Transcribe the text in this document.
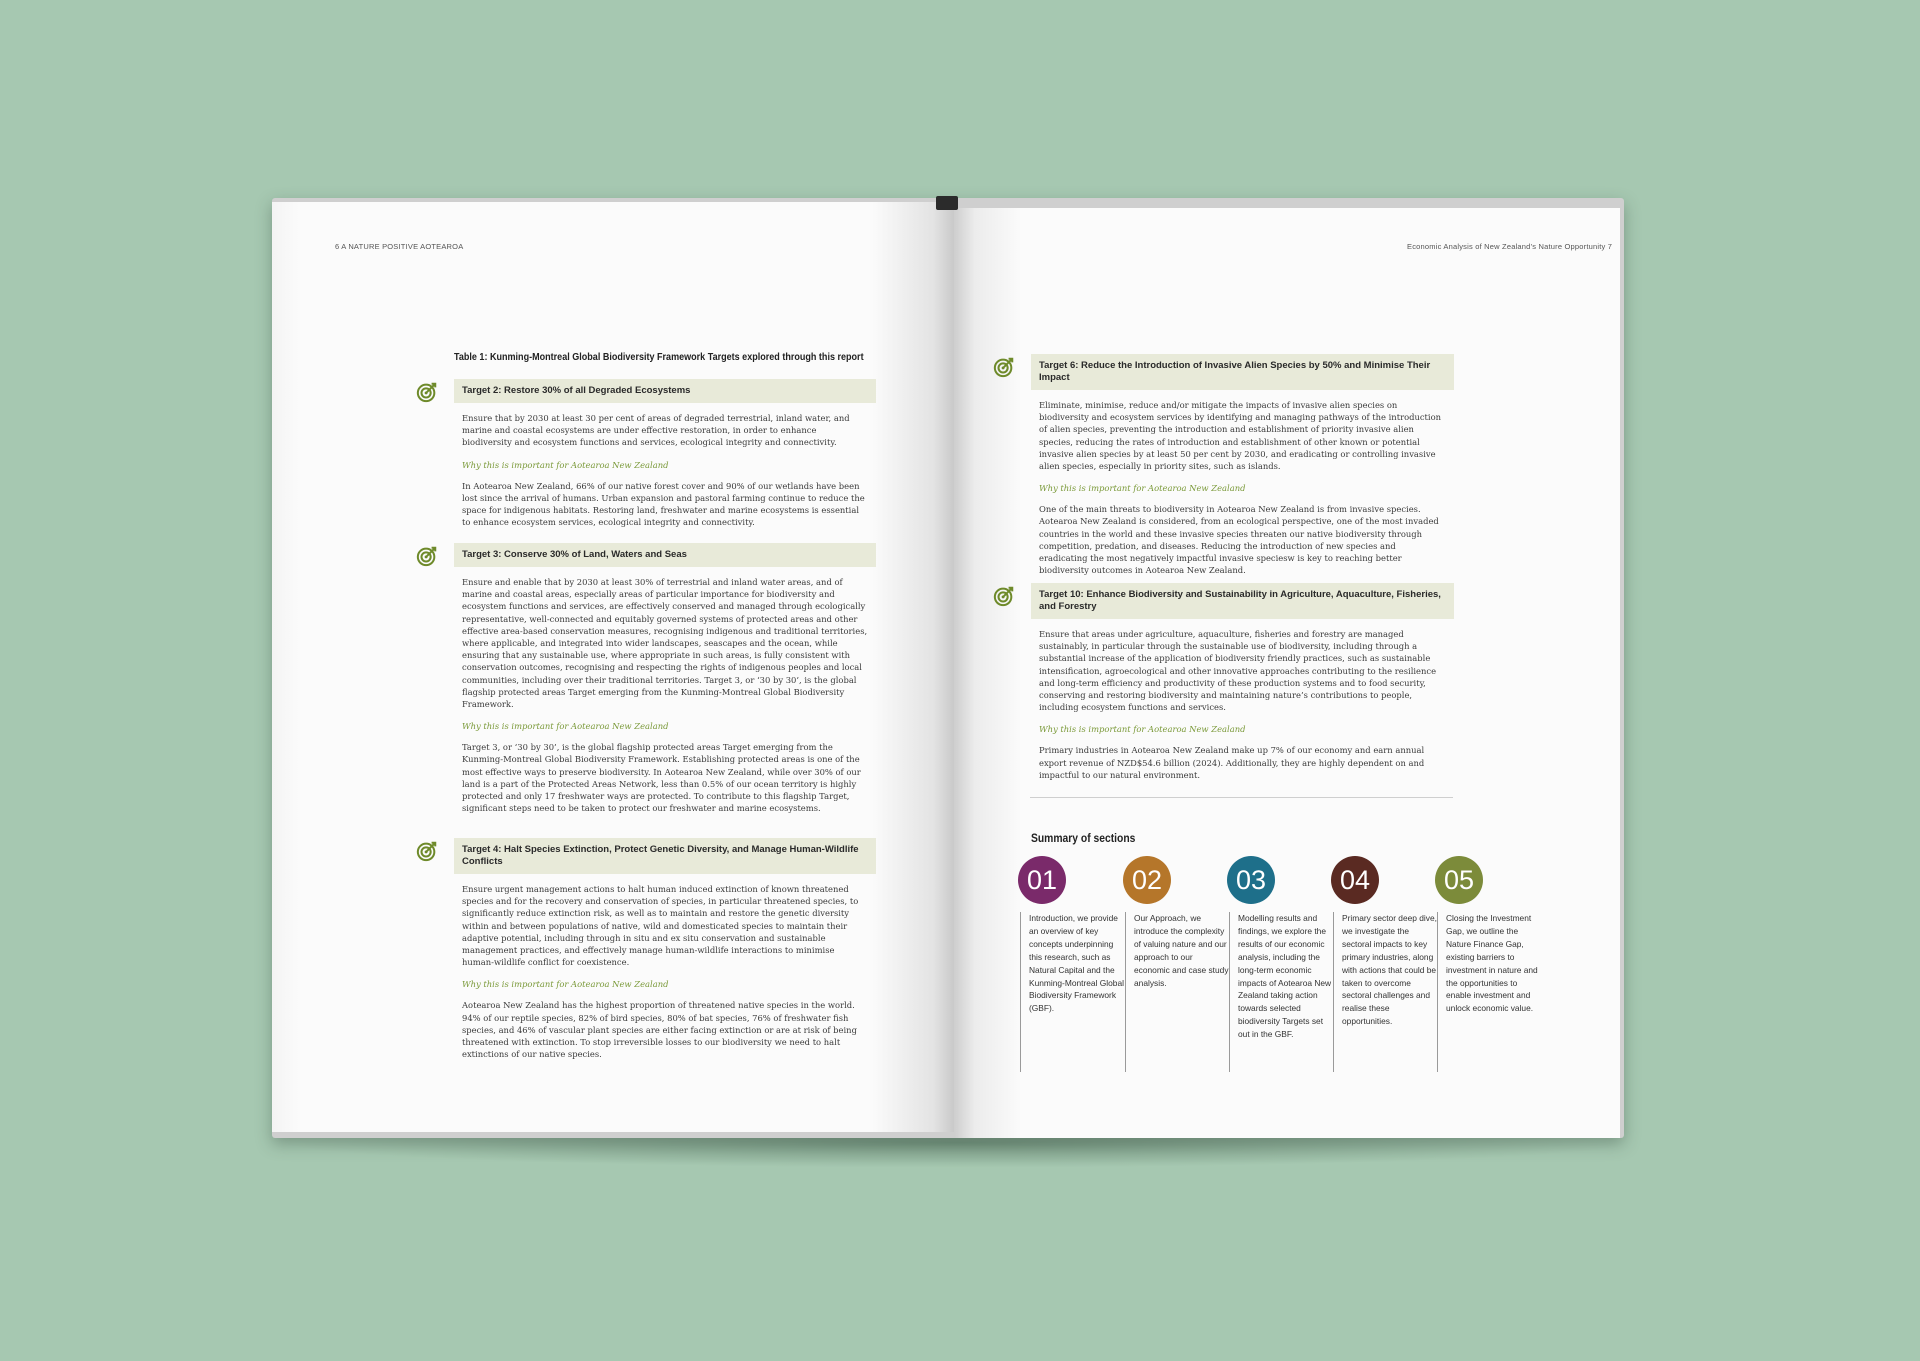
6 A NATURE POSITIVE AOTEAROA	Economic Analysis of New Zealand’s Nature Opportunity 7
Table 1: Kunming-Montreal Global Biodiversity Framework Targets explored through this report
Target 2: Restore 30% of all Degraded Ecosystems
Ensure that by 2030 at least 30 per cent of areas of degraded terrestrial, inland water, and marine and coastal ecosystems are under effective restoration, in order to enhance biodiversity and ecosystem functions and services, ecological integrity and connectivity.
Why this is important for Aotearoa New Zealand
In Aotearoa New Zealand, 66% of our native forest cover and 90% of our wetlands have been lost since the arrival of humans. Urban expansion and pastoral farming continue to reduce the space for indigenous habitats. Restoring land, freshwater and marine ecosystems is essential to enhance ecosystem services, ecological integrity and connectivity.
Target 3: Conserve 30% of Land, Waters and Seas
Ensure and enable that by 2030 at least 30% of terrestrial and inland water areas, and of marine and coastal areas, especially areas of particular importance for biodiversity and ecosystem functions and services, are effectively conserved and managed through ecologically representative, well-connected and equitably governed systems of protected areas and other effective area-based conservation measures, recognising indigenous and traditional territories, where applicable, and integrated into wider landscapes, seascapes and the ocean, while ensuring that any sustainable use, where appropriate in such areas, is fully consistent with conservation outcomes, recognising and respecting the rights of indigenous peoples and local communities, including over their traditional territories. Target 3, or ‘30 by 30’, is the global flagship protected areas Target emerging from the Kunming-Montreal Global Biodiversity Framework.
Why this is important for Aotearoa New Zealand
Target 3, or ‘30 by 30’, is the global flagship protected areas Target emerging from the Kunming-Montreal Global Biodiversity Framework. Establishing protected areas is one of the most effective ways to preserve biodiversity. In Aotearoa New Zealand, while over 30% of our land is a part of the Protected Areas Network, less than 0.5% of our ocean territory is highly protected and only 17 freshwater ways are protected. To contribute to this flagship Target, significant steps need to be taken to protect our freshwater and marine ecosystems.
Target 4: Halt Species Extinction, Protect Genetic Diversity, and Manage Human-Wildlife Conflicts
Ensure urgent management actions to halt human induced extinction of known threatened species and for the recovery and conservation of species, in particular threatened species, to significantly reduce extinction risk, as well as to maintain and restore the genetic diversity within and between populations of native, wild and domesticated species to maintain their adaptive potential, including through in situ and ex situ conservation and sustainable management practices, and effectively manage human-wildlife interactions to minimise human-wildlife conflict for coexistence.
Why this is important for Aotearoa New Zealand
Aotearoa New Zealand has the highest proportion of threatened native species in the world. 94% of our reptile species, 82% of bird species, 80% of bat species, 76% of freshwater fish species, and 46% of vascular plant species are either facing extinction or are at risk of being threatened with extinction. To stop irreversible losses to our biodiversity we need to halt extinctions of our native species.
Target 6: Reduce the Introduction of Invasive Alien Species by 50% and Minimise Their Impact
Eliminate, minimise, reduce and/or mitigate the impacts of invasive alien species on biodiversity and ecosystem services by identifying and managing pathways of the introduction of alien species, preventing the introduction and establishment of priority invasive alien species, reducing the rates of introduction and establishment of other known or potential invasive alien species by at least 50 per cent by 2030, and eradicating or controlling invasive alien species, especially in priority sites, such as islands.
Why this is important for Aotearoa New Zealand
One of the main threats to biodiversity in Aotearoa New Zealand is from invasive species. Aotearoa New Zealand is considered, from an ecological perspective, one of the most invaded countries in the world and these invasive species threaten our native biodiversity through competition, predation, and diseases. Reducing the introduction of new species and eradicating the most negatively impactful invasive speciesw is key to reaching better biodiversity outcomes in Aotearoa New Zealand.
Target 10: Enhance Biodiversity and Sustainability in Agriculture, Aquaculture, Fisheries, and Forestry
Ensure that areas under agriculture, aquaculture, fisheries and forestry are managed sustainably, in particular through the sustainable use of biodiversity, including through a substantial increase of the application of biodiversity friendly practices, such as sustainable intensification, agroecological and other innovative approaches contributing to the resilience and long-term efficiency and productivity of these production systems and to food security, conserving and restoring biodiversity and maintaining nature’s contributions to people, including ecosystem functions and services.
Why this is important for Aotearoa New Zealand
Primary industries in Aotearoa New Zealand make up 7% of our economy and earn annual export revenue of NZD$54.6 billion (2024). Additionally, they are highly dependent on and impactful to our natural environment.
Summary of sections
01
Introduction, we provide an overview of key concepts underpinning this research, such as Natural Capital and the Kunming-Montreal Global Biodiversity Framework (GBF).
02
Our Approach, we introduce the complexity of valuing nature and our approach to our economic and case study analysis.
03
Modelling results and findings, we explore the results of our economic analysis, including the long-term economic impacts of Aotearoa New Zealand taking action towards selected biodiversity Targets set out in the GBF.
04
Primary sector deep dive, we investigate the sectoral impacts to key primary industries, along with actions that could be taken to overcome sectoral challenges and realise these opportunities.
05
Closing the Investment Gap, we outline the Nature Finance Gap, existing barriers to investment in nature and the opportunities to enable investment and unlock economic value.
